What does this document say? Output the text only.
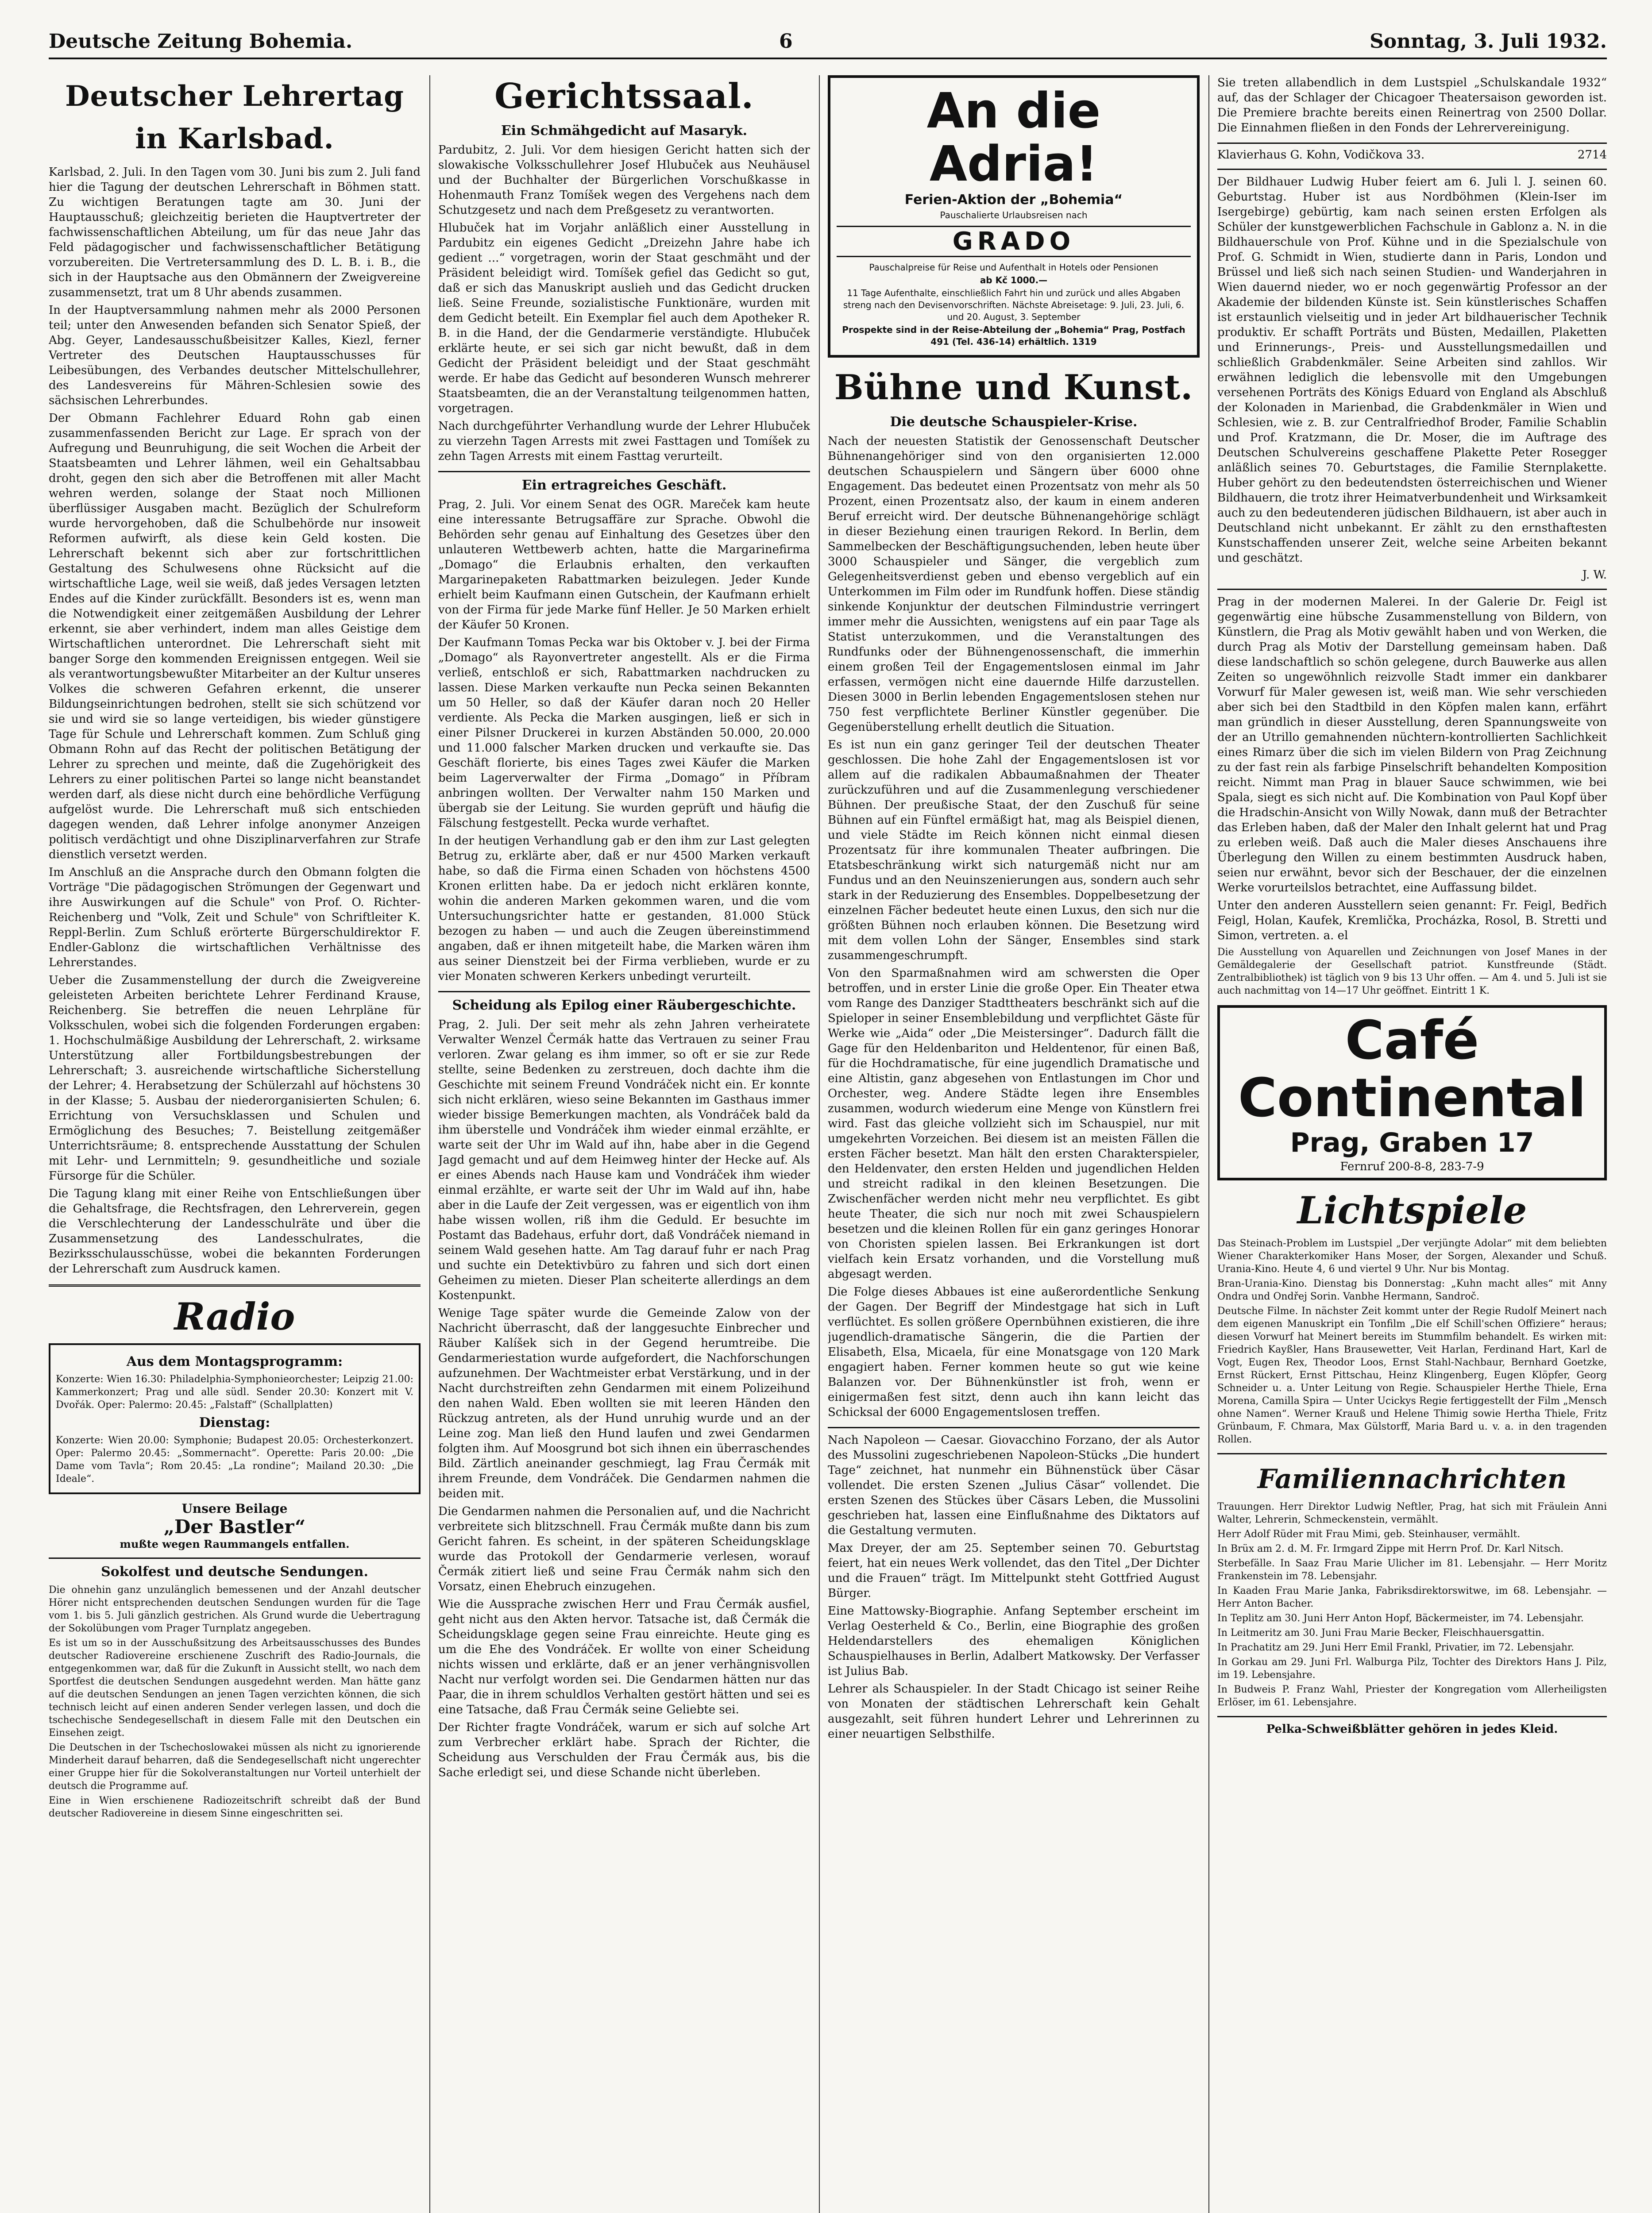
Deutsche Zeitung Bohemia.	6	Sonntag, 3. Juli 1932.
Deutscher Lehrertag in Karlsbad.

Karlsbad, 2. Juli. In den Tagen vom 30. Juni bis zum 2. Juli fand hier die Tagung der deutschen Lehrerschaft in Böhmen statt. Zu wichtigen Beratungen tagte am 30. Juni der Hauptausschuß; gleichzeitig berieten die Hauptvertreter der fachwissenschaftlichen Abteilung, um für das neue Jahr das Feld pädagogischer und fachwissenschaftlicher Betätigung vorzubereiten. Die Vertretersammlung des D. L. B. i. B., die sich in der Hauptsache aus den Obmännern der Zweigvereine zusammensetzt, trat um 8 Uhr abends zusammen.

In der Hauptversammlung nahmen mehr als 2000 Personen teil; unter den Anwesenden befanden sich Senator Spieß, der Abg. Geyer, Landesausschußbeisitzer Kalles, Kiezl, ferner Vertreter des Deutschen Hauptausschusses für Leibesübungen, des Verbandes deutscher Mittelschullehrer, des Landesvereins für Mähren-Schlesien sowie des sächsischen Lehrerbundes.

Der Obmann Fachlehrer Eduard Rohn gab einen zusammenfassenden Bericht zur Lage. Er sprach von der Aufregung und Beunruhigung, die seit Wochen die Arbeit der Staatsbeamten und Lehrer lähmen, weil ein Gehaltsabbau droht, gegen den sich aber die Betroffenen mit aller Macht wehren werden, solange der Staat noch Millionen überflüssiger Ausgaben macht. Bezüglich der Schulreform wurde hervorgehoben, daß die Schulbehörde nur insoweit Reformen aufwirft, als diese kein Geld kosten. Die Lehrerschaft bekennt sich aber zur fortschrittlichen Gestaltung des Schulwesens ohne Rücksicht auf die wirtschaftliche Lage, weil sie weiß, daß jedes Versagen letzten Endes auf die Kinder zurückfällt. Besonders ist es, wenn man die Notwendigkeit einer zeitgemäßen Ausbildung der Lehrer erkennt, sie aber verhindert, indem man alles Geistige dem Wirtschaftlichen unterordnet. Die Lehrerschaft sieht mit banger Sorge den kommenden Ereignissen entgegen. Weil sie als verantwortungsbewußter Mitarbeiter an der Kultur unseres Volkes die schweren Gefahren erkennt, die unserer Bildungseinrichtungen bedrohen, stellt sie sich schützend vor sie und wird sie so lange verteidigen, bis wieder günstigere Tage für Schule und Lehrerschaft kommen. Zum Schluß ging Obmann Rohn auf das Recht der politischen Betätigung der Lehrer zu sprechen und meinte, daß die Zugehörigkeit des Lehrers zu einer politischen Partei so lange nicht beanstandet werden darf, als diese nicht durch eine behördliche Verfügung aufgelöst wurde. Die Lehrerschaft muß sich entschieden dagegen wenden, daß Lehrer infolge anonymer Anzeigen politisch verdächtigt und ohne Disziplinarverfahren zur Strafe dienstlich versetzt werden.

Im Anschluß an die Ansprache durch den Obmann folgten die Vorträge "Die pädagogischen Strömungen der Gegenwart und ihre Auswirkungen auf die Schule" von Prof. O. Richter-Reichenberg und "Volk, Zeit und Schule" von Schriftleiter K. Reppl-Berlin. Zum Schluß erörterte Bürgerschuldirektor F. Endler-Gablonz die wirtschaftlichen Verhältnisse des Lehrerstandes.

Ueber die Zusammenstellung der durch die Zweigvereine geleisteten Arbeiten berichtete Lehrer Ferdinand Krause, Reichenberg. Sie betreffen die neuen Lehrpläne für Volksschulen, wobei sich die folgenden Forderungen ergaben: 1. Hochschulmäßige Ausbildung der Lehrerschaft, 2. wirksame Unterstützung aller Fortbildungsbestrebungen der Lehrerschaft; 3. ausreichende wirtschaftliche Sicherstellung der Lehrer; 4. Herabsetzung der Schülerzahl auf höchstens 30 in der Klasse; 5. Ausbau der niederorganisierten Schulen; 6. Errichtung von Versuchsklassen und Schulen und Ermöglichung des Besuches; 7. Beistellung zeitgemäßer Unterrichtsräume; 8. entsprechende Ausstattung der Schulen mit Lehr- und Lernmitteln; 9. gesundheitliche und soziale Fürsorge für die Schüler.

Die Tagung klang mit einer Reihe von Entschließungen über die Gehaltsfrage, die Rechtsfragen, den Lehrerverein, gegen die Verschlechterung der Landesschulräte und über die Zusammensetzung des Landesschulrates, die Bezirksschulausschüsse, wobei die bekannten Forderungen der Lehrerschaft zum Ausdruck kamen.

Radio
Aus dem Montagsprogramm:

Konzerte: Wien 16.30: Philadelphia-Symphonieorchester; Leipzig 21.00: Kammerkonzert; Prag und alle südl. Sender 20.30: Konzert mit V. Dvořák. Oper: Palermo: 20.45: „Falstaff“ (Schallplatten)

Dienstag:

Konzerte: Wien 20.00: Symphonie; Budapest 20.05: Orchesterkonzert. Oper: Palermo 20.45: „Sommernacht“. Operette: Paris 20.00: „Die Dame vom Tavla“; Rom 20.45: „La rondine“; Mailand 20.30: „Die Ideale“.

Unsere Beilage
„Der Bastler“
mußte wegen Raummangels entfallen.
Sokolfest und deutsche Sendungen.

Die ohnehin ganz unzulänglich bemessenen und der Anzahl deutscher Hörer nicht entsprechenden deutschen Sendungen wurden für die Tage vom 1. bis 5. Juli gänzlich gestrichen. Als Grund wurde die Uebertragung der Sokolübungen vom Prager Turnplatz angegeben.

Es ist um so in der Ausschußsitzung des Arbeitsausschusses des Bundes deutscher Radiovereine erschienene Zuschrift des Radio-Journals, die entgegenkommen war, daß für die Zukunft in Aussicht stellt, wo nach dem Sportfest die deutschen Sendungen ausgedehnt werden. Man hätte ganz auf die deutschen Sendungen an jenen Tagen verzichten können, die sich technisch leicht auf einen anderen Sender verlegen lassen, und doch die tschechische Sendegesellschaft in diesem Falle mit den Deutschen ein Einsehen zeigt.

Die Deutschen in der Tschechoslowakei müssen als nicht zu ignorierende Minderheit darauf beharren, daß die Sendegesellschaft nicht ungerechter einer Gruppe hier für die Sokolveranstaltungen nur Vorteil unterhielt der deutsch die Programme auf.

Eine in Wien erschienene Radiozeitschrift schreibt daß der Bund deutscher Radiovereine in diesem Sinne eingeschritten sei.

Gerichtssaal.
Ein Schmähgedicht auf Masaryk.

Pardubitz, 2. Juli. Vor dem hiesigen Gericht hatten sich der slowakische Volksschullehrer Josef Hlubuček aus Neuhäusel und der Buchhalter der Bürgerlichen Vorschußkasse in Hohenmauth Franz Tomíšek wegen des Vergehens nach dem Schutzgesetz und nach dem Preßgesetz zu verantworten.

Hlubuček hat im Vorjahr anläßlich einer Ausstellung in Pardubitz ein eigenes Gedicht „Dreizehn Jahre habe ich gedient ...“ vorgetragen, worin der Staat geschmäht und der Präsident beleidigt wird. Tomíšek gefiel das Gedicht so gut, daß er sich das Manuskript auslieh und das Gedicht drucken ließ. Seine Freunde, sozialistische Funktionäre, wurden mit dem Gedicht beteilt. Ein Exemplar fiel auch dem Apotheker R. B. in die Hand, der die Gendarmerie verständigte. Hlubuček erklärte heute, er sei sich gar nicht bewußt, daß in dem Gedicht der Präsident beleidigt und der Staat geschmäht werde. Er habe das Gedicht auf besonderen Wunsch mehrerer Staatsbeamten, die an der Veranstaltung teilgenommen hatten, vorgetragen.

Nach durchgeführter Verhandlung wurde der Lehrer Hlubuček zu vierzehn Tagen Arrests mit zwei Fasttagen und Tomíšek zu zehn Tagen Arrests mit einem Fasttag verurteilt.

Ein ertragreiches Geschäft.

Prag, 2. Juli. Vor einem Senat des OGR. Mareček kam heute eine interessante Betrugsaffäre zur Sprache. Obwohl die Behörden sehr genau auf Einhaltung des Gesetzes über den unlauteren Wettbewerb achten, hatte die Margarinefirma „Domago“ die Erlaubnis erhalten, den verkauften Margarinepaketen Rabattmarken beizulegen. Jeder Kunde erhielt beim Kaufmann einen Gutschein, der Kaufmann erhielt von der Firma für jede Marke fünf Heller. Je 50 Marken erhielt der Käufer 50 Kronen.

Der Kaufmann Tomas Pecka war bis Oktober v. J. bei der Firma „Domago“ als Rayonvertreter angestellt. Als er die Firma verließ, entschloß er sich, Rabattmarken nachdrucken zu lassen. Diese Marken verkaufte nun Pecka seinen Bekannten um 50 Heller, so daß der Käufer daran noch 20 Heller verdiente. Als Pecka die Marken ausgingen, ließ er sich in einer Pilsner Druckerei in kurzen Abständen 50.000, 20.000 und 11.000 falscher Marken drucken und verkaufte sie. Das Geschäft florierte, bis eines Tages zwei Käufer die Marken beim Lagerverwalter der Firma „Domago“ in Příbram anbringen wollten. Der Verwalter nahm 150 Marken und übergab sie der Leitung. Sie wurden geprüft und häufig die Fälschung festgestellt. Pecka wurde verhaftet.

In der heutigen Verhandlung gab er den ihm zur Last gelegten Betrug zu, erklärte aber, daß er nur 4500 Marken verkauft habe, so daß die Firma einen Schaden von höchstens 4500 Kronen erlitten habe. Da er jedoch nicht erklären konnte, wohin die anderen Marken gekommen waren, und die vom Untersuchungsrichter hatte er gestanden, 81.000 Stück bezogen zu haben — und auch die Zeugen übereinstimmend angaben, daß er ihnen mitgeteilt habe, die Marken wären ihm aus seiner Dienstzeit bei der Firma verblieben, wurde er zu vier Monaten schweren Kerkers unbedingt verurteilt.

Scheidung als Epilog einer Räubergeschichte.

Prag, 2. Juli. Der seit mehr als zehn Jahren verheiratete Verwalter Wenzel Čermák hatte das Vertrauen zu seiner Frau verloren. Zwar gelang es ihm immer, so oft er sie zur Rede stellte, seine Bedenken zu zerstreuen, doch dachte ihm die Geschichte mit seinem Freund Vondráček nicht ein. Er konnte sich nicht erklären, wieso seine Bekannten im Gasthaus immer wieder bissige Bemerkungen machten, als Vondráček bald da ihm überstelle und Vondráček ihm wieder einmal erzählte, er warte seit der Uhr im Wald auf ihn, habe aber in die Gegend Jagd gemacht und auf dem Heimweg hinter der Hecke auf. Als er eines Abends nach Hause kam und Vondráček ihm wieder einmal erzählte, er warte seit der Uhr im Wald auf ihn, habe aber in die Laufe der Zeit vergessen, was er eigentlich von ihm habe wissen wollen, riß ihm die Geduld. Er besuchte im Postamt das Badehaus, erfuhr dort, daß Vondráček niemand in seinem Wald gesehen hatte. Am Tag darauf fuhr er nach Prag und suchte ein Detektivbüro zu fahren und sich dort einen Geheimen zu mieten. Dieser Plan scheiterte allerdings an dem Kostenpunkt.

Wenige Tage später wurde die Gemeinde Zalow von der Nachricht überrascht, daß der langgesuchte Einbrecher und Räuber Kalíšek sich in der Gegend herumtreibe. Die Gendarmeriestation wurde aufgefordert, die Nachforschungen aufzunehmen. Der Wachtmeister erbat Verstärkung, und in der Nacht durchstreiften zehn Gendarmen mit einem Polizeihund den nahen Wald. Eben wollten sie mit leeren Händen den Rückzug antreten, als der Hund unruhig wurde und an der Leine zog. Man ließ den Hund laufen und zwei Gendarmen folgten ihm. Auf Moosgrund bot sich ihnen ein überraschendes Bild. Zärtlich aneinander geschmiegt, lag Frau Čermák mit ihrem Freunde, dem Vondráček. Die Gendarmen nahmen die beiden mit.

Die Gendarmen nahmen die Personalien auf, und die Nachricht verbreitete sich blitzschnell. Frau Čermák mußte dann bis zum Gericht fahren. Es scheint, in der späteren Scheidungsklage wurde das Protokoll der Gendarmerie verlesen, worauf Čermák zitiert ließ und seine Frau Čermák nahm sich den Vorsatz, einen Ehebruch einzugehen.

Wie die Aussprache zwischen Herr und Frau Čermák ausfiel, geht nicht aus den Akten hervor. Tatsache ist, daß Čermák die Scheidungsklage gegen seine Frau einreichte. Heute ging es um die Ehe des Vondráček. Er wollte von einer Scheidung nichts wissen und erklärte, daß er an jener verhängnisvollen Nacht nur verfolgt worden sei. Die Gendarmen hätten nur das Paar, die in ihrem schuldlos Verhalten gestört hätten und sei es eine Tatsache, daß Frau Čermák seine Geliebte sei.

Der Richter fragte Vondráček, warum er sich auf solche Art zum Verbrecher erklärt habe. Sprach der Richter, die Scheidung aus Verschulden der Frau Čermák aus, bis die Sache erledigt sei, und diese Schande nicht überleben.

An die Adria!

Ferien-Aktion der „Bohemia“

Pauschalierte Urlaubsreisen nach

GRADO

Pauschalpreise für Reise und Aufenthalt in Hotels oder Pensionen

ab Kč 1000.—

11 Tage Aufenthalte, einschließlich Fahrt hin und zurück und alles Abgaben streng nach den Devisenvorschriften. Nächste Abreisetage: 9. Juli, 23. Juli, 6. und 20. August, 3. September

Prospekte sind in der Reise-Abteilung der „Bohemia“ Prag, Postfach 491 (Tel. 436-14) erhältlich. 1319

Bühne und Kunst.
Die deutsche Schauspieler-Krise.

Nach der neuesten Statistik der Genossenschaft Deutscher Bühnenangehöriger sind von den organisierten 12.000 deutschen Schauspielern und Sängern über 6000 ohne Engagement. Das bedeutet einen Prozentsatz von mehr als 50 Prozent, einen Prozentsatz also, der kaum in einem anderen Beruf erreicht wird. Der deutsche Bühnenangehörige schlägt in dieser Beziehung einen traurigen Rekord. In Berlin, dem Sammelbecken der Beschäftigungsuchenden, leben heute über 3000 Schauspieler und Sänger, die vergeblich zum Gelegenheitsverdienst geben und ebenso vergeblich auf ein Unterkommen im Film oder im Rundfunk hoffen. Diese ständig sinkende Konjunktur der deutschen Filmindustrie verringert immer mehr die Aussichten, wenigstens auf ein paar Tage als Statist unterzukommen, und die Veranstaltungen des Rundfunks oder der Bühnengenossenschaft, die immerhin einem großen Teil der Engagementslosen einmal im Jahr erfassen, vermögen nicht eine dauernde Hilfe darzustellen. Diesen 3000 in Berlin lebenden Engagementslosen stehen nur 750 fest verpflichtete Berliner Künstler gegenüber. Die Gegenüberstellung erhellt deutlich die Situation.

Es ist nun ein ganz geringer Teil der deutschen Theater geschlossen. Die hohe Zahl der Engagementslosen ist vor allem auf die radikalen Abbaumaßnahmen der Theater zurückzuführen und auf die Zusammenlegung verschiedener Bühnen. Der preußische Staat, der den Zuschuß für seine Bühnen auf ein Fünftel ermäßigt hat, mag als Beispiel dienen, und viele Städte im Reich können nicht einmal diesen Prozentsatz für ihre kommunalen Theater aufbringen. Die Etatsbeschränkung wirkt sich naturgemäß nicht nur am Fundus und an den Neuinszenierungen aus, sondern auch sehr stark in der Reduzierung des Ensembles. Doppelbesetzung der einzelnen Fächer bedeutet heute einen Luxus, den sich nur die größten Bühnen noch erlauben können. Die Besetzung wird mit dem vollen Lohn der Sänger, Ensembles sind stark zusammengeschrumpft.

Von den Sparmaßnahmen wird am schwersten die Oper betroffen, und in erster Linie die große Oper. Ein Theater etwa vom Range des Danziger Stadttheaters beschränkt sich auf die Spieloper in seiner Ensemblebildung und verpflichtet Gäste für Werke wie „Aida“ oder „Die Meistersinger“. Dadurch fällt die Gage für den Heldenbariton und Heldentenor, für einen Baß, für die Hochdramatische, für eine jugendlich Dramatische und eine Altistin, ganz abgesehen von Entlastungen im Chor und Orchester, weg. Andere Städte legen ihre Ensembles zusammen, wodurch wiederum eine Menge von Künstlern frei wird. Fast das gleiche vollzieht sich im Schauspiel, nur mit umgekehrten Vorzeichen. Bei diesem ist an meisten Fällen die ersten Fächer besetzt. Man hält den ersten Charakterspieler, den Heldenvater, den ersten Helden und jugendlichen Helden und streicht radikal in den kleinen Besetzungen. Die Zwischenfächer werden nicht mehr neu verpflichtet. Es gibt heute Theater, die sich nur noch mit zwei Schauspielern besetzen und die kleinen Rollen für ein ganz geringes Honorar von Choristen spielen lassen. Bei Erkrankungen ist dort vielfach kein Ersatz vorhanden, und die Vorstellung muß abgesagt werden.

Die Folge dieses Abbaues ist eine außerordentliche Senkung der Gagen. Der Begriff der Mindestgage hat sich in Luft verflüchtet. Es sollen größere Opernbühnen existieren, die ihre jugendlich-dramatische Sängerin, die die Partien der Elisabeth, Elsa, Micaela, für eine Monatsgage von 120 Mark engagiert haben. Ferner kommen heute so gut wie keine Balanzen vor. Der Bühnenkünstler ist froh, wenn er einigermaßen fest sitzt, denn auch ihn kann leicht das Schicksal der 6000 Engagementslosen treffen.

Nach Napoleon — Caesar. Giovacchino Forzano, der als Autor des Mussolini zugeschriebenen Napoleon-Stücks „Die hundert Tage“ zeichnet, hat nunmehr ein Bühnenstück über Cäsar vollendet. Die ersten Szenen „Julius Cäsar“ vollendet. Die ersten Szenen des Stückes über Cäsars Leben, die Mussolini geschrieben hat, lassen eine Einflußnahme des Diktators auf die Gestaltung vermuten.

Max Dreyer, der am 25. September seinen 70. Geburtstag feiert, hat ein neues Werk vollendet, das den Titel „Der Dichter und die Frauen“ trägt. Im Mittelpunkt steht Gottfried August Bürger.

Eine Mattowsky-Biographie. Anfang September erscheint im Verlag Oesterheld & Co., Berlin, eine Biographie des großen Heldendarstellers des ehemaligen Königlichen Schauspielhauses in Berlin, Adalbert Matkowsky. Der Verfasser ist Julius Bab.

Lehrer als Schauspieler. In der Stadt Chicago ist seiner Reihe von Monaten der städtischen Lehrerschaft kein Gehalt ausgezahlt, seit führen hundert Lehrer und Lehrerinnen zu einer neuartigen Selbsthilfe.

Sie treten allabendlich in dem Lustspiel „Schulskandale 1932“ auf, das der Schlager der Chicagoer Theatersaison geworden ist. Die Premiere brachte bereits einen Reinertrag von 2500 Dollar. Die Einnahmen fließen in den Fonds der Lehrervereinigung.

Klavierhaus G. Kohn, Vodičkova 33.	2714

Der Bildhauer Ludwig Huber feiert am 6. Juli l. J. seinen 60. Geburtstag. Huber ist aus Nordböhmen (Klein-Iser im Isergebirge) gebürtig, kam nach seinen ersten Erfolgen als Schüler der kunstgewerblichen Fachschule in Gablonz a. N. in die Bildhauerschule von Prof. Kühne und in die Spezialschule von Prof. G. Schmidt in Wien, studierte dann in Paris, London und Brüssel und ließ sich nach seinen Studien- und Wanderjahren in Wien dauernd nieder, wo er noch gegenwärtig Professor an der Akademie der bildenden Künste ist. Sein künstlerisches Schaffen ist erstaunlich vielseitig und in jeder Art bildhauerischer Technik produktiv. Er schafft Porträts und Büsten, Medaillen, Plaketten und Erinnerungs-, Preis- und Ausstellungsmedaillen und schließlich Grabdenkmäler. Seine Arbeiten sind zahllos. Wir erwähnen lediglich die lebensvolle mit den Umgebungen versehenen Porträts des Königs Eduard von England als Abschluß der Kolonaden in Marienbad, die Grabdenkmäler in Wien und Schlesien, wie z. B. zur Centralfriedhof Broder, Familie Schablin und Prof. Kratzmann, die Dr. Moser, die im Auftrage des Deutschen Schulvereins geschaffene Plakette Peter Rosegger anläßlich seines 70. Geburtstages, die Familie Sternplakette. Huber gehört zu den bedeutendsten österreichischen und Wiener Bildhauern, die trotz ihrer Heimatverbundenheit und Wirksamkeit auch zu den bedeutenderen jüdischen Bildhauern, ist aber auch in Deutschland nicht unbekannt. Er zählt zu den ernsthaftesten Kunstschaffenden unserer Zeit, welche seine Arbeiten bekannt und geschätzt.

J. W.

Prag in der modernen Malerei. In der Galerie Dr. Feigl ist gegenwärtig eine hübsche Zusammenstellung von Bildern, von Künstlern, die Prag als Motiv gewählt haben und von Werken, die durch Prag als Motiv der Darstellung gemeinsam haben. Daß diese landschaftlich so schön gelegene, durch Bauwerke aus allen Zeiten so ungewöhnlich reizvolle Stadt immer ein dankbarer Vorwurf für Maler gewesen ist, weiß man. Wie sehr verschieden aber sich bei den Stadtbild in den Köpfen malen kann, erfährt man gründlich in dieser Ausstellung, deren Spannungsweite von der an Utrillo gemahnenden nüchtern-kontrollierten Sachlichkeit eines Rimarz über die sich im vielen Bildern von Prag Zeichnung zu der fast rein als farbige Pinselschrift behandelten Komposition reicht. Nimmt man Prag in blauer Sauce schwimmen, wie bei Spala, siegt es sich nicht auf. Die Kombination von Paul Kopf über die Hradschin-Ansicht von Willy Nowak, dann muß der Betrachter das Erleben haben, daß der Maler den Inhalt gelernt hat und Prag zu erleben weiß. Daß auch die Maler dieses Anschauens ihre Überlegung den Willen zu einem bestimmten Ausdruck haben, seien nur erwähnt, bevor sich der Beschauer, der die einzelnen Werke vorurteilslos betrachtet, eine Auffassung bildet.

Unter den anderen Ausstellern seien genannt: Fr. Feigl, Bedřich Feigl, Holan, Kaufek, Kremlička, Procházka, Rosol, B. Stretti und Simon, vertreten. a. el

Die Ausstellung von Aquarellen und Zeichnungen von Josef Manes in der Gemäldegalerie der Gesellschaft patriot. Kunstfreunde (Städt. Zentralbibliothek) ist täglich von 9 bis 13 Uhr offen. — Am 4. und 5. Juli ist sie auch nachmittag von 14—17 Uhr geöffnet. Eintritt 1 K.

Café Continental

Prag, Graben 17

Fernruf 200-8-8, 283-7-9

Lichtspiele

Das Steinach-Problem im Lustspiel „Der verjüngte Adolar“ mit dem beliebten Wiener Charakterkomiker Hans Moser, der Sorgen, Alexander und Schuß. Urania-Kino. Heute 4, 6 und viertel 9 Uhr. Nur bis Montag.

Bran-Urania-Kino. Dienstag bis Donnerstag: „Kuhn macht alles“ mit Anny Ondra und Ondřej Sorin. Vanbhe Hermann, Sandroč.

Deutsche Filme. In nächster Zeit kommt unter der Regie Rudolf Meinert nach dem eigenen Manuskript ein Tonfilm „Die elf Schill'schen Offiziere“ heraus; diesen Vorwurf hat Meinert bereits im Stummfilm behandelt. Es wirken mit: Friedrich Kayßler, Hans Brausewetter, Veit Harlan, Ferdinand Hart, Karl de Vogt, Eugen Rex, Theodor Loos, Ernst Stahl-Nachbaur, Bernhard Goetzke, Ernst Rückert, Ernst Pittschau, Heinz Klingenberg, Eugen Klöpfer, Georg Schneider u. a. Unter Leitung von Regie. Schauspieler Herthe Thiele, Erna Morena, Camilla Spira — Unter Ucickys Regie fertiggestellt der Film „Mensch ohne Namen“. Werner Krauß und Helene Thimig sowie Hertha Thiele, Fritz Grünbaum, F. Chmara, Max Gülstorff, Maria Bard u. v. a. in den tragenden Rollen.

Familiennachrichten

Trauungen. Herr Direktor Ludwig Neftler, Prag, hat sich mit Fräulein Anni Walter, Lehrerin, Schmeckenstein, vermählt.

Herr Adolf Rüder mit Frau Mimi, geb. Steinhauser, vermählt.

In Brüx am 2. d. M. Fr. Irmgard Zippe mit Herrn Prof. Dr. Karl Nitsch.

Sterbefälle. In Saaz Frau Marie Ulicher im 81. Lebensjahr. — Herr Moritz Frankenstein im 78. Lebensjahr.

In Kaaden Frau Marie Janka, Fabriksdirektorswitwe, im 68. Lebensjahr. — Herr Anton Bacher.

In Teplitz am 30. Juni Herr Anton Hopf, Bäckermeister, im 74. Lebensjahr.

In Leitmeritz am 30. Juni Frau Marie Becker, Fleischhauersgattin.

In Prachatitz am 29. Juni Herr Emil Frankl, Privatier, im 72. Lebensjahr.

In Gorkau am 29. Juni Frl. Walburga Pilz, Tochter des Direktors Hans J. Pilz, im 19. Lebensjahre.

In Budweis P. Franz Wahl, Priester der Kongregation vom Allerheiligsten Erlöser, im 61. Lebensjahre.

Pelka-Schweißblätter gehören in jedes Kleid.
